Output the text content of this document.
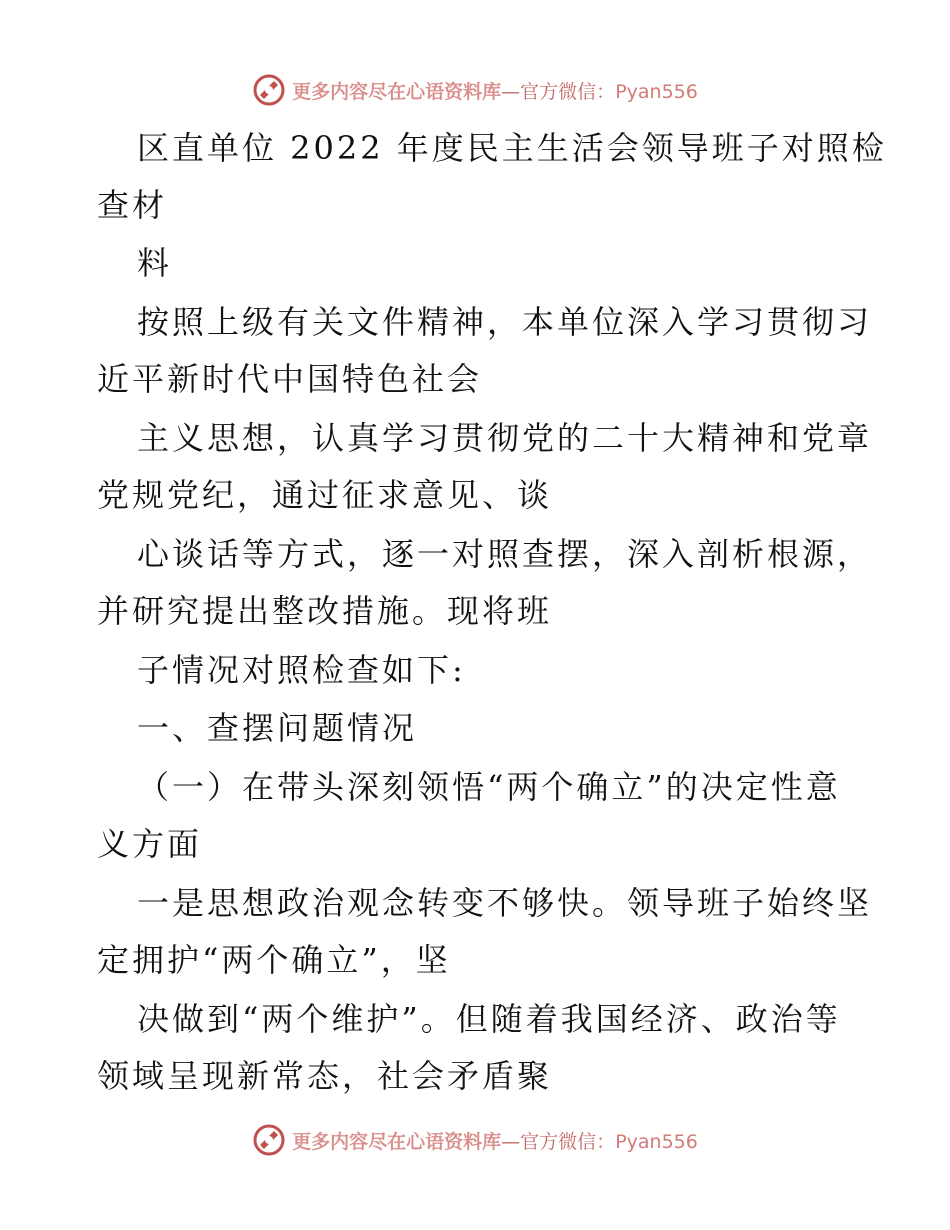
更多内容尽在心语资料库—官方微信：Pyan556
区直单位 2022 年度民主生活会领导班子对照检
查材
料
按照上级有关文件精神，本单位深入学习贯彻习
近平新时代中国特色社会
主义思想，认真学习贯彻党的二十大精神和党章
党规党纪，通过征求意见、谈
心谈话等方式，逐一对照查摆，深入剖析根源，
并研究提出整改措施。现将班
子情况对照检查如下:
一、查摆问题情况
（一）在带头深刻领悟“两个确立”的决定性意
义方面
一是思想政治观念转变不够快。领导班子始终坚
定拥护“两个确立”，坚
决做到“两个维护”。但随着我国经济、政治等
领域呈现新常态，社会矛盾聚
更多内容尽在心语资料库—官方微信：Pyan556
